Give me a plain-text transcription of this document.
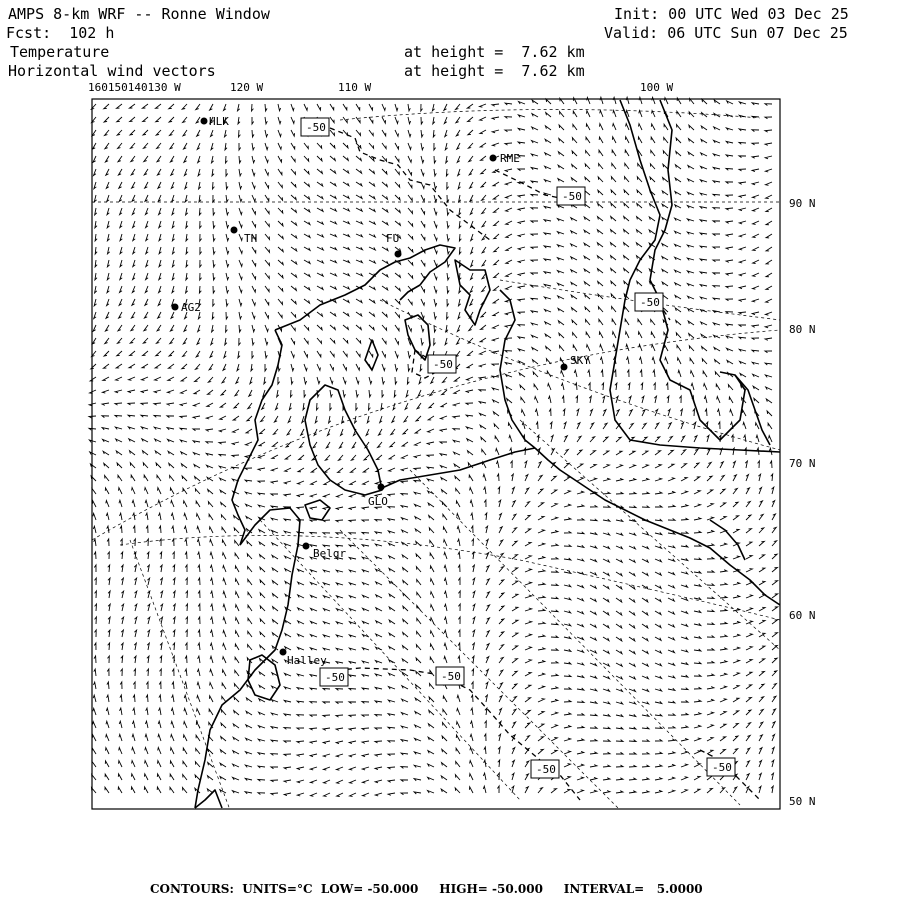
AMPS 8-km WRF -- Ronne Window
Fcst:  102 h
Init: 00 UTC Wed 03 Dec 25
Valid: 06 UTC Sun 07 Dec 25
Temperature
Horizontal wind vectors
at height =  7.62 km
at height =  7.62 km
-50
-50
-50
-50
-50	-50
-50	-50
HLK
RME
TH	FU
AG2
SKY
GLO
Belgr
Halley
160150140130 W	120 W	110 W	100 W
90 N
80 N
70 N
60 N
50 N
CONTOURS:  UNITS=°C  LOW= -50.000     HIGH= -50.000     INTERVAL=   5.0000
